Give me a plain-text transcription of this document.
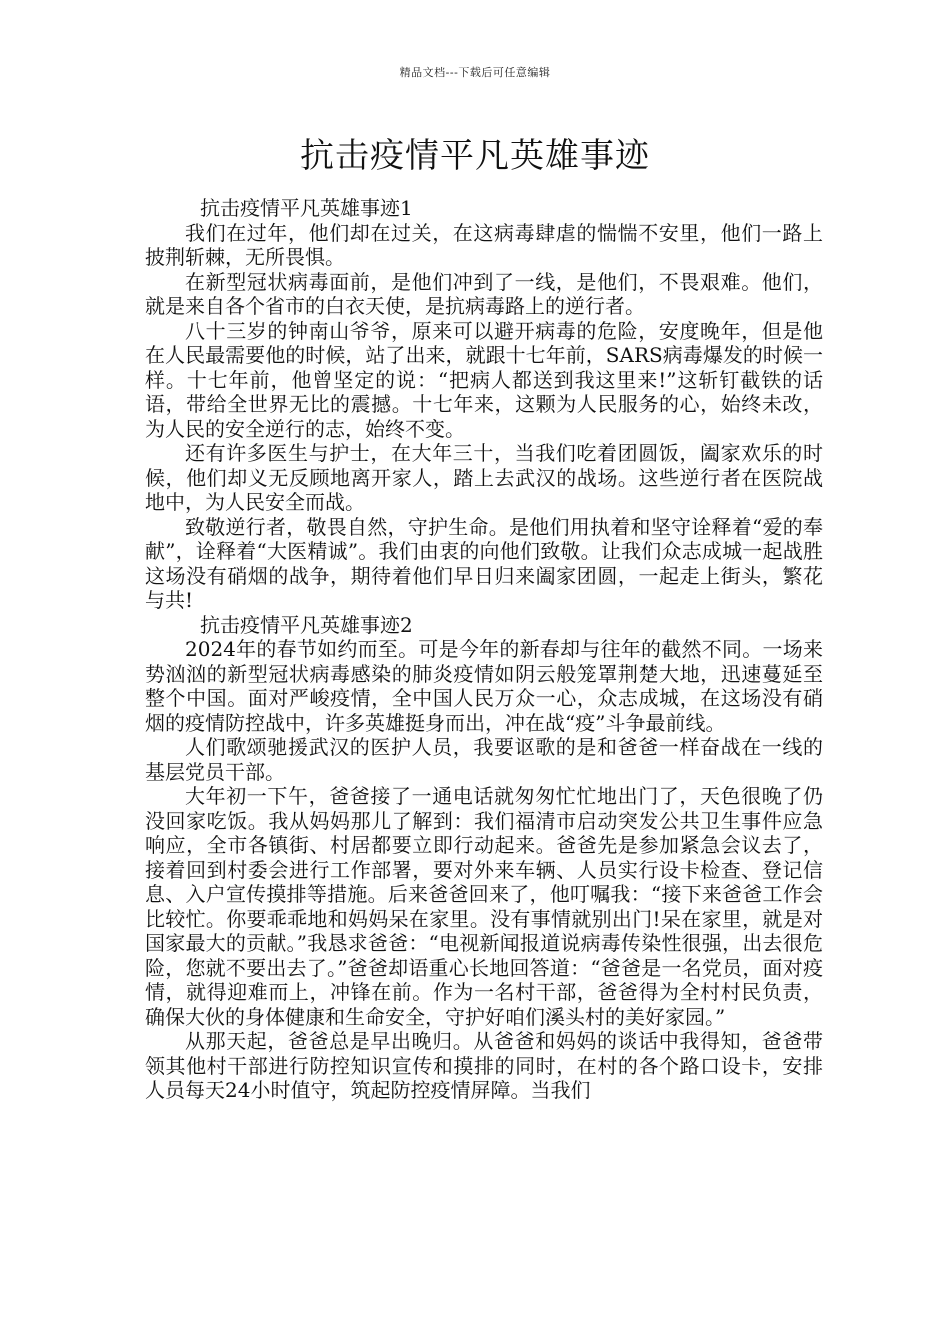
精品文档---下载后可任意编辑
抗击疫情平凡英雄事迹

抗击疫情平凡英雄事迹1

我们在过年，他们却在过关，在这病毒肆虐的惴惴不安里，他们一路上披荆斩棘，无所畏惧。

在新型冠状病毒面前，是他们冲到了一线，是他们，不畏艰难。他们，就是来自各个省市的白衣天使，是抗病毒路上的逆行者。

八十三岁的钟南山爷爷，原来可以避开病毒的危险，安度晚年，但是他在人民最需要他的时候，站了出来，就跟十七年前，SARS病毒爆发的时候一样。十七年前，他曾坚定的说：“把病人都送到我这里来!”这斩钉截铁的话语，带给全世界无比的震撼。十七年来，这颗为人民服务的心，始终未改，为人民的安全逆行的志，始终不变。

还有许多医生与护士，在大年三十，当我们吃着团圆饭，阖家欢乐的时候，他们却义无反顾地离开家人，踏上去武汉的战场。这些逆行者在医院战地中，为人民安全而战。

致敬逆行者，敬畏自然，守护生命。是他们用执着和坚守诠释着“爱的奉献”，诠释着“大医精诚”。我们由衷的向他们致敬。让我们众志成城一起战胜这场没有硝烟的战争，期待着他们早日归来阖家团圆，一起走上街头，繁花与共!

抗击疫情平凡英雄事迹2

2024年的春节如约而至。可是今年的新春却与往年的截然不同。一场来势汹汹的新型冠状病毒感染的肺炎疫情如阴云般笼罩荆楚大地，迅速蔓延至整个中国。面对严峻疫情，全中国人民万众一心，众志成城，在这场没有硝烟的疫情防控战中，许多英雄挺身而出，冲在战“疫”斗争最前线。

人们歌颂驰援武汉的医护人员，我要讴歌的是和爸爸一样奋战在一线的基层党员干部。

大年初一下午，爸爸接了一通电话就匆匆忙忙地出门了，天色很晚了仍没回家吃饭。我从妈妈那儿了解到：我们福清市启动突发公共卫生事件应急响应，全市各镇街、村居都要立即行动起来。爸爸先是参加紧急会议去了，接着回到村委会进行工作部署，要对外来车辆、人员实行设卡检查、登记信息、入户宣传摸排等措施。后来爸爸回来了，他叮嘱我：“接下来爸爸工作会比较忙。你要乖乖地和妈妈呆在家里。没有事情就别出门!呆在家里，就是对国家最大的贡献。”我恳求爸爸：“电视新闻报道说病毒传染性很强，出去很危险，您就不要出去了。”爸爸却语重心长地回答道：“爸爸是一名党员，面对疫情，就得迎难而上，冲锋在前。作为一名村干部，爸爸得为全村村民负责，确保大伙的身体健康和生命安全，守护好咱们溪头村的美好家园。”

从那天起，爸爸总是早出晚归。从爸爸和妈妈的谈话中我得知，爸爸带领其他村干部进行防控知识宣传和摸排的同时，在村的各个路口设卡，安排人员每天24小时值守，筑起防控疫情屏障。当我们
